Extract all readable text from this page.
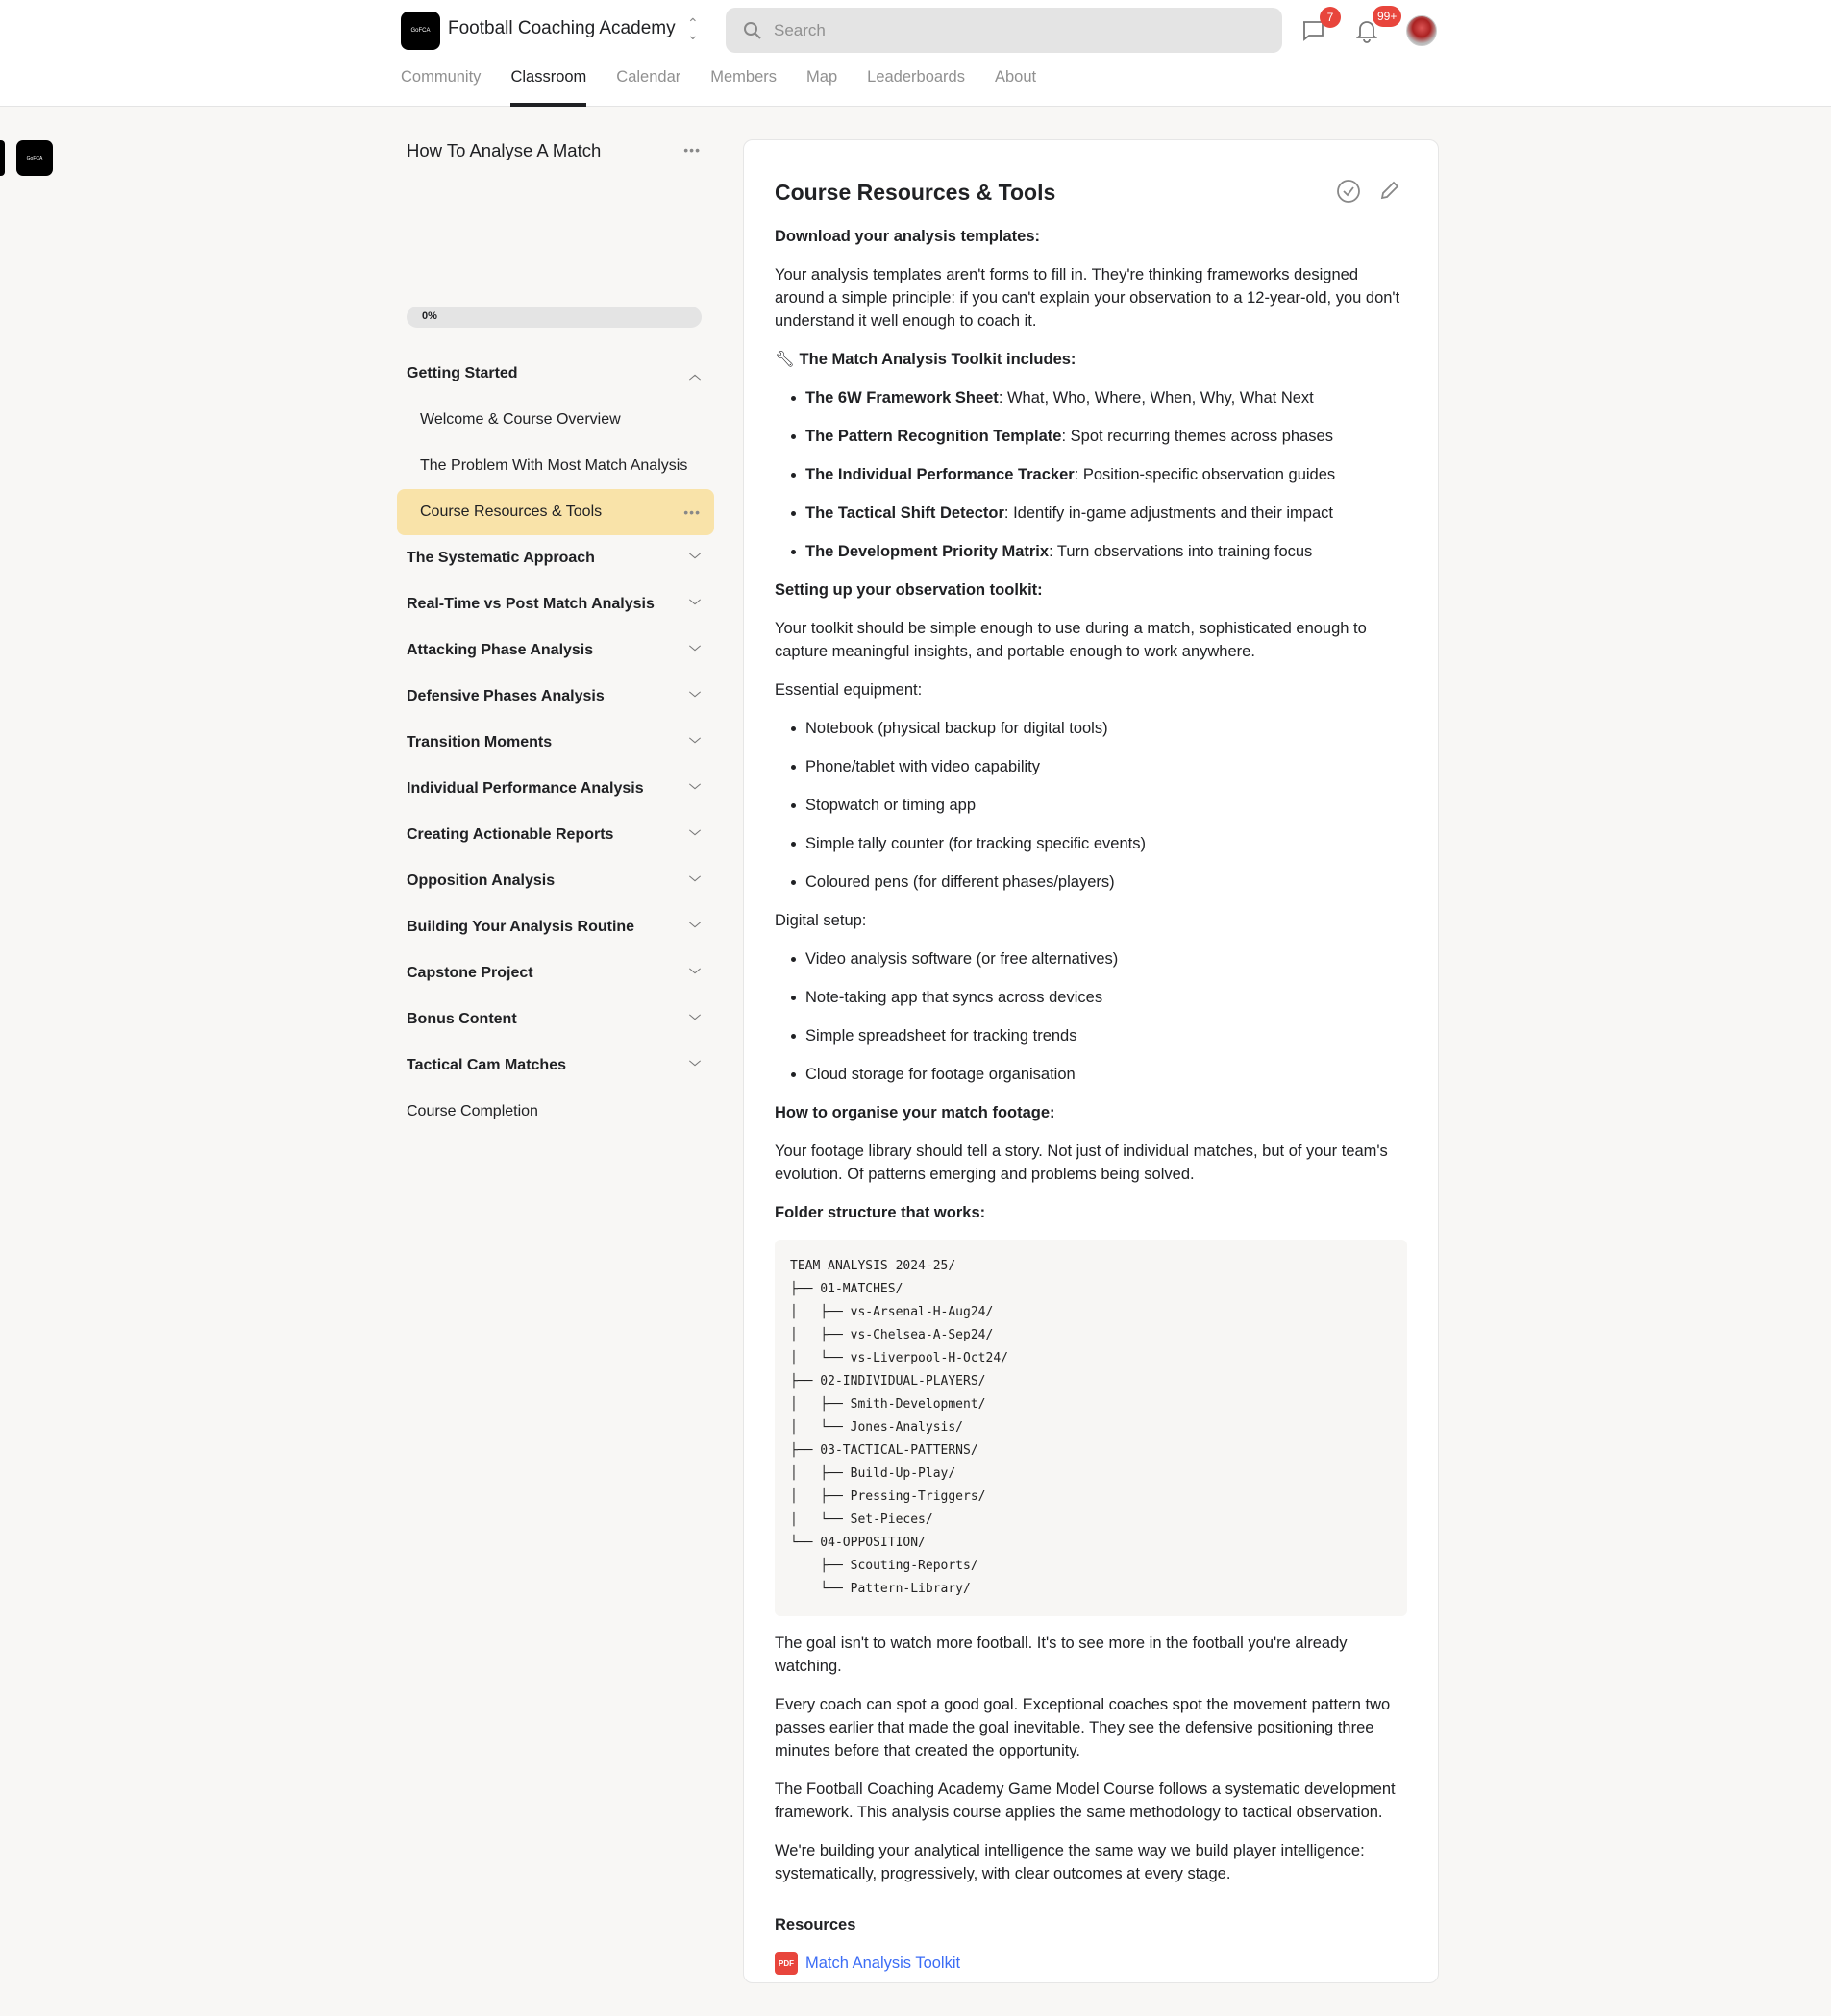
GoFCA Football Coaching Academy ⌃
⌄	Search
7	99+
Community Classroom Calendar Members Map Leaderboards About
GoFCA	How To Analyse A Match	•••
0%
Getting Started	︿
Welcome & Course Overview
The Problem With Most Match Analysis
Course Resources & Tools	•••
The Systematic Approach	﹀
Real-Time vs Post Match Analysis	﹀
Attacking Phase Analysis	﹀
Defensive Phases Analysis	﹀
Transition Moments	﹀
Individual Performance Analysis	﹀
Creating Actionable Reports	﹀
Opposition Analysis	﹀
Building Your Analysis Routine	﹀
Capstone Project	﹀
Bonus Content	﹀
Tactical Cam Matches	﹀
Course Completion
Course Resources & Tools

Download your analysis templates:

Your analysis templates aren't forms to fill in. They're thinking frameworks designed around a simple principle: if you can't explain your observation to a 12-year-old, you don't understand it well enough to coach it.

🔧︎ The Match Analysis Toolkit includes:

The 6W Framework Sheet: What, Who, Where, When, Why, What Next
The Pattern Recognition Template: Spot recurring themes across phases
The Individual Performance Tracker: Position-specific observation guides
The Tactical Shift Detector: Identify in-game adjustments and their impact
The Development Priority Matrix: Turn observations into training focus

Setting up your observation toolkit:

Your toolkit should be simple enough to use during a match, sophisticated enough to capture meaningful insights, and portable enough to work anywhere.

Essential equipment:

Notebook (physical backup for digital tools)
Phone/tablet with video capability
Stopwatch or timing app
Simple tally counter (for tracking specific events)
Coloured pens (for different phases/players)

Digital setup:

Video analysis software (or free alternatives)
Note-taking app that syncs across devices
Simple spreadsheet for tracking trends
Cloud storage for footage organisation

How to organise your match footage:

Your footage library should tell a story. Not just of individual matches, but of your team's evolution. Of patterns emerging and problems being solved.

Folder structure that works:

TEAM ANALYSIS 2024-25/
├── 01-MATCHES/
│   ├── vs-Arsenal-H-Aug24/
│   ├── vs-Chelsea-A-Sep24/
│   └── vs-Liverpool-H-Oct24/
├── 02-INDIVIDUAL-PLAYERS/
│   ├── Smith-Development/
│   └── Jones-Analysis/
├── 03-TACTICAL-PATTERNS/
│   ├── Build-Up-Play/
│   ├── Pressing-Triggers/
│   └── Set-Pieces/
└── 04-OPPOSITION/
├── Scouting-Reports/
└── Pattern-Library/

The goal isn't to watch more football. It's to see more in the football you're already watching.

Every coach can spot a good goal. Exceptional coaches spot the movement pattern two passes earlier that made the goal inevitable. They see the defensive positioning three minutes before that created the opportunity.

The Football Coaching Academy Game Model Course follows a systematic development framework. This analysis course applies the same methodology to tactical observation.

We're building your analytical intelligence the same way we build player intelligence: systematically, progressively, with clear outcomes at every stage.

Resources
PDF Match Analysis Toolkit
